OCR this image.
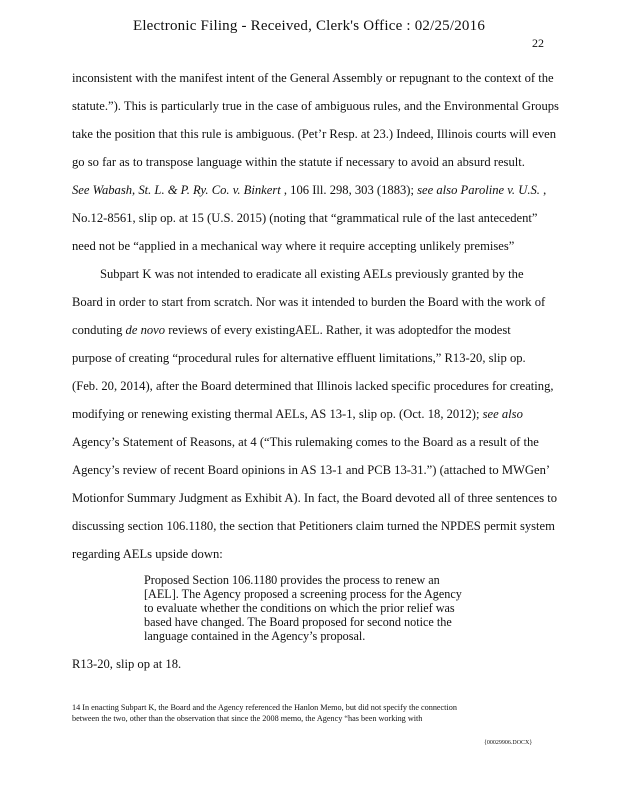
Electronic Filing - Received, Clerk's Office : 02/25/2016
22
inconsistent with the manifest intent of the General Assembly or repugnant to the context of the
statute.”). This is particularly true in the case of ambiguous rules, and the Environmental Groups
take the position that this rule is ambiguous. (Pet’r Resp. at 23.) Indeed, Illinois courts will even
go so far as to transpose language within the statute if necessary to avoid an absurd result.
See Wabash, St. L. & P. Ry. Co. v. Binkert , 106 Ill. 298, 303 (1883); see also Paroline v. U.S. ,
No.12-8561, slip op. at 15 (U.S. 2015) (noting that “grammatical rule of the last antecedent”
need not be “applied in a mechanical way where it require accepting unlikely premises”
Subpart K was not intended to eradicate all existing AELs previously granted by the
Board in order to start from scratch. Nor was it intended to burden the Board with the work of
conduting de novo reviews of every existingAEL. Rather, it was adoptedfor the modest
purpose of creating “procedural rules for alternative effluent limitations,” R13-20, slip op.
(Feb. 20, 2014), after the Board determined that Illinois lacked specific procedures for creating,
modifying or renewing existing thermal AELs, AS 13-1, slip op. (Oct. 18, 2012); see also
Agency’s Statement of Reasons, at 4 (“This rulemaking comes to the Board as a result of the
Agency’s review of recent Board opinions in AS 13-1 and PCB 13-31.”) (attached to MWGen’
Motionfor Summary Judgment as Exhibit A). In fact, the Board devoted all of three sentences to
discussing section 106.1180, the section that Petitioners claim turned the NPDES permit system
regarding AELs upside down:
Proposed Section 106.1180 provides the process to renew an
[AEL]. The Agency proposed a screening process for the Agency
to evaluate whether the conditions on which the prior relief was
based have changed. The Board proposed for second notice the
language contained in the Agency’s proposal.
R13-20, slip op at 18.
14 In enacting Subpart K, the Board and the Agency referenced the Hanlon Memo, but did not specify the connection
between the two, other than the observation that since the 2008 memo, the Agency “has been working with
{00029906.DOCX}
